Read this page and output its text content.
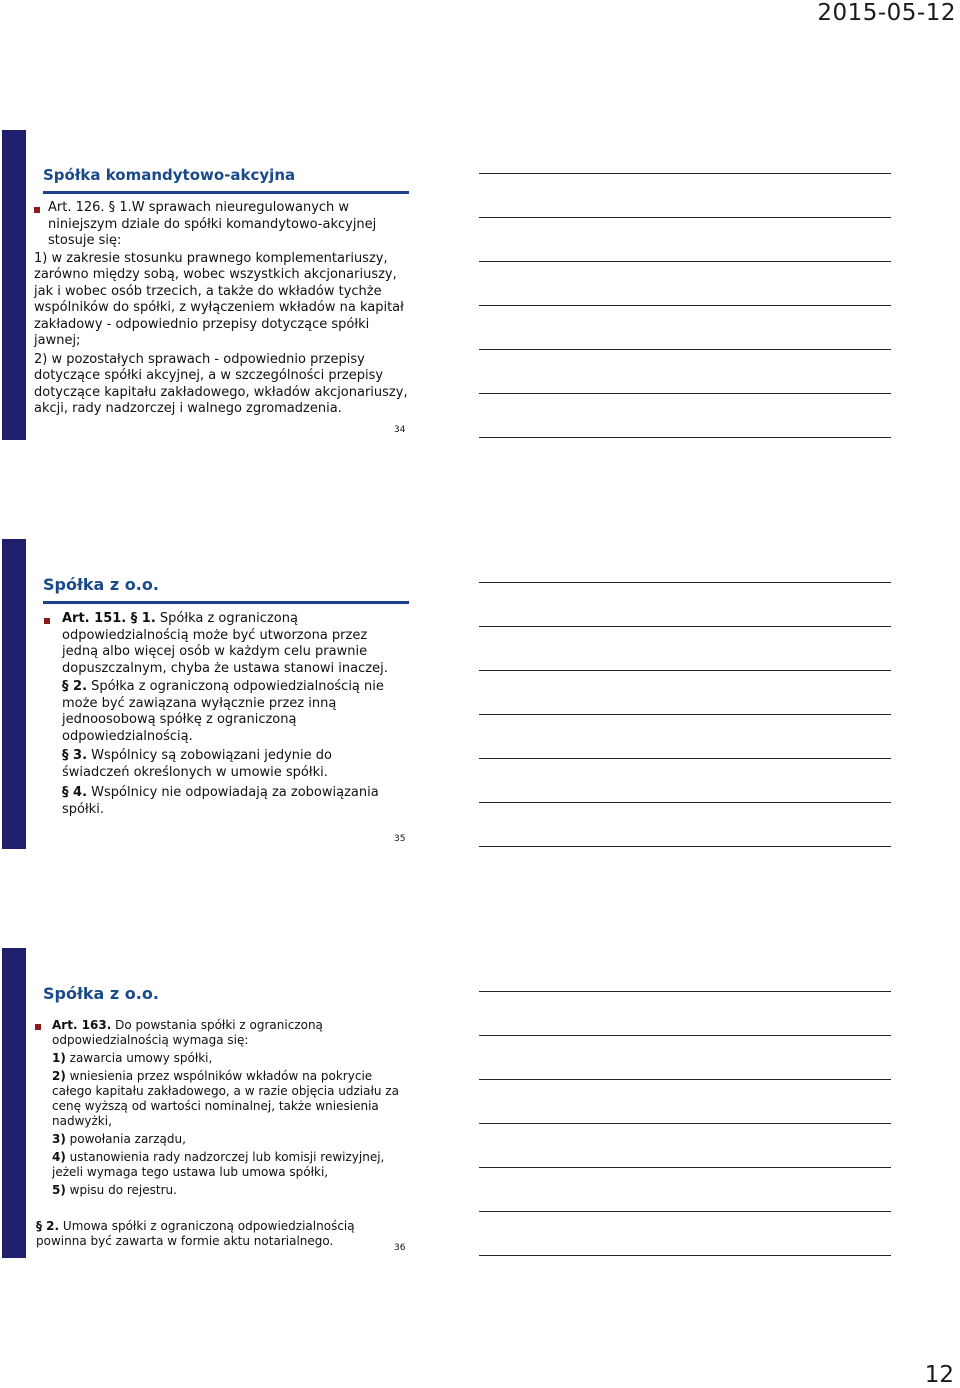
2015-05-12
Spółka komandytowo-akcyjna

Art. 126. § 1.W sprawach nieuregulowanych w niniejszym dziale do spółki komandytowo-akcyjnej stosuje się:

1) w zakresie stosunku prawnego komplementariuszy, zarówno między sobą, wobec wszystkich akcjonariuszy, jak i wobec osób trzecich, a także do wkładów tychże wspólników do spółki, z wyłączeniem wkładów na kapitał zakładowy - odpowiednio przepisy dotyczące spółki jawnej;

2) w pozostałych sprawach - odpowiednio przepisy dotyczące spółki akcyjnej, a w szczególności przepisy dotyczące kapitału zakładowego, wkładów akcjonariuszy, akcji, rady nadzorczej i walnego zgromadzenia.

34
Spółka z o.o.

Art. 151. § 1. Spółka z ograniczoną odpowiedzialnością może być utworzona przez jedną albo więcej osób w każdym celu prawnie dopuszczalnym, chyba że ustawa stanowi inaczej.

§ 2. Spółka z ograniczoną odpowiedzialnością nie może być zawiązana wyłącznie przez inną jednoosobową spółkę z ograniczoną odpowiedzialnością.

§ 3. Wspólnicy są zobowiązani jedynie do świadczeń określonych w umowie spółki.

§ 4. Wspólnicy nie odpowiadają za zobowiązania spółki.

35
Spółka z o.o.

Art. 163. Do powstania spółki z ograniczoną odpowiedzialnością wymaga się:

1) zawarcia umowy spółki,

2) wniesienia przez wspólników wkładów na pokrycie całego kapitału zakładowego, a w razie objęcia udziału za cenę wyższą od wartości nominalnej, także wniesienia nadwyżki,

3) powołania zarządu,

4) ustanowienia rady nadzorczej lub komisji rewizyjnej, jeżeli wymaga tego ustawa lub umowa spółki,

5) wpisu do rejestru.

§ 2. Umowa spółki z ograniczoną odpowiedzialnością powinna być zawarta w formie aktu notarialnego.	36
12
